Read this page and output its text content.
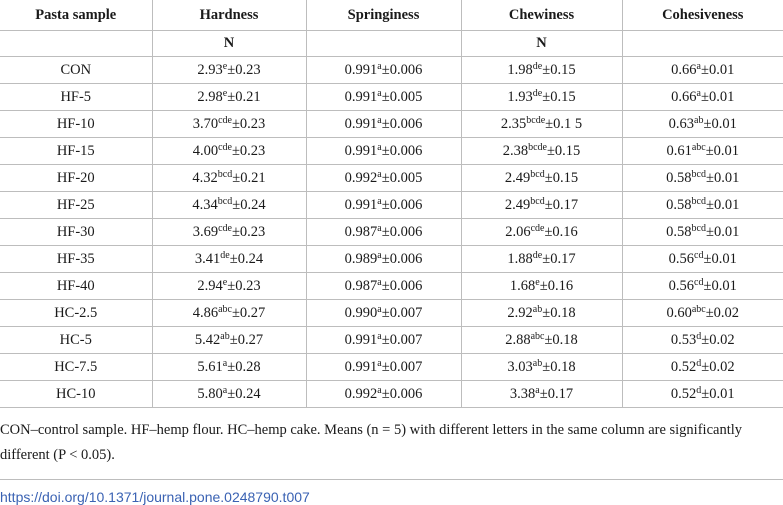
Pasta sample	Hardness	Springiness	Chewiness	Cohesiveness
	N		N	
CON	2.93$^e$±0.23	0.991$^a$±0.006	1.98de±0.15	0.66$^a$±0.01
HF-5	2.98$^e$±0.21	0.991$^a$±0.005	1.93de±0.15	0.66$^a$±0.01
HF-10	3.70$^{cde}$±0.23	0.991$^a$±0.006	$2.35^{bcde}\pm 0.1$ 5	0.63$^{ab}$±0.01
HF-15	4.00$^{cde}$±0.23	0.991$^a$±0.006	$2.38^{bcde}\pm 0.15$	0.61$^{abc}$±0.01
HF-20	4.32$^{bcd}$±0.21	0.992$^a$±0.005	2.49$^{bcd}$±0.15	0.58$^{bcd}$±0.01
HF-25	4.34$^{bcd}$±0.24	0.991$^a$±0.006	2.49$^{bcd}$±0.17	0.58$^{bcd}$±0.01
HF-30	3.69$^{cde}$±0.23	0.987$^a$±0.006	2.06$^{cde}$±0.16	0.58$^{bcd}$±0.01
HF-35	3.41de±0.24	0.989$^a$±0.006	1.88de±0.17	0.56$^{cd}$±0.01
HF-40	2.94$^e$±0.23	0.987$^a$±0.006	1.68$^e$±0.16	0.56$^{cd}$±0.01
HC-2.5	4.86$^{abc}$±0.27	0.990$^a$±0.007	2.92$^{ab}$±0.18	0.60$^{abc}$±0.02
HC-5	5.42$^{ab}$±0.27	0.991$^a$±0.007	2.88$^{abc}$±0.18	0.53$^d$±0.02
HC-7.5	5.61$^a$±0.28	0.991$^a$±0.007	3.03$^{ab}$±0.18	0.52$^d$±0.02
HC-10	5.80$^a$±0.24	0.992$^a$±0.006	3.38$^a$±0.17	0.52$^d$±0.01
CON–control sample. HF–hemp flour. HC–hemp cake. Means (n = 5) with different letters in the same column are significantly different (P < 0.05).
https://doi.org/10.1371/journal.pone.0248790.t007
